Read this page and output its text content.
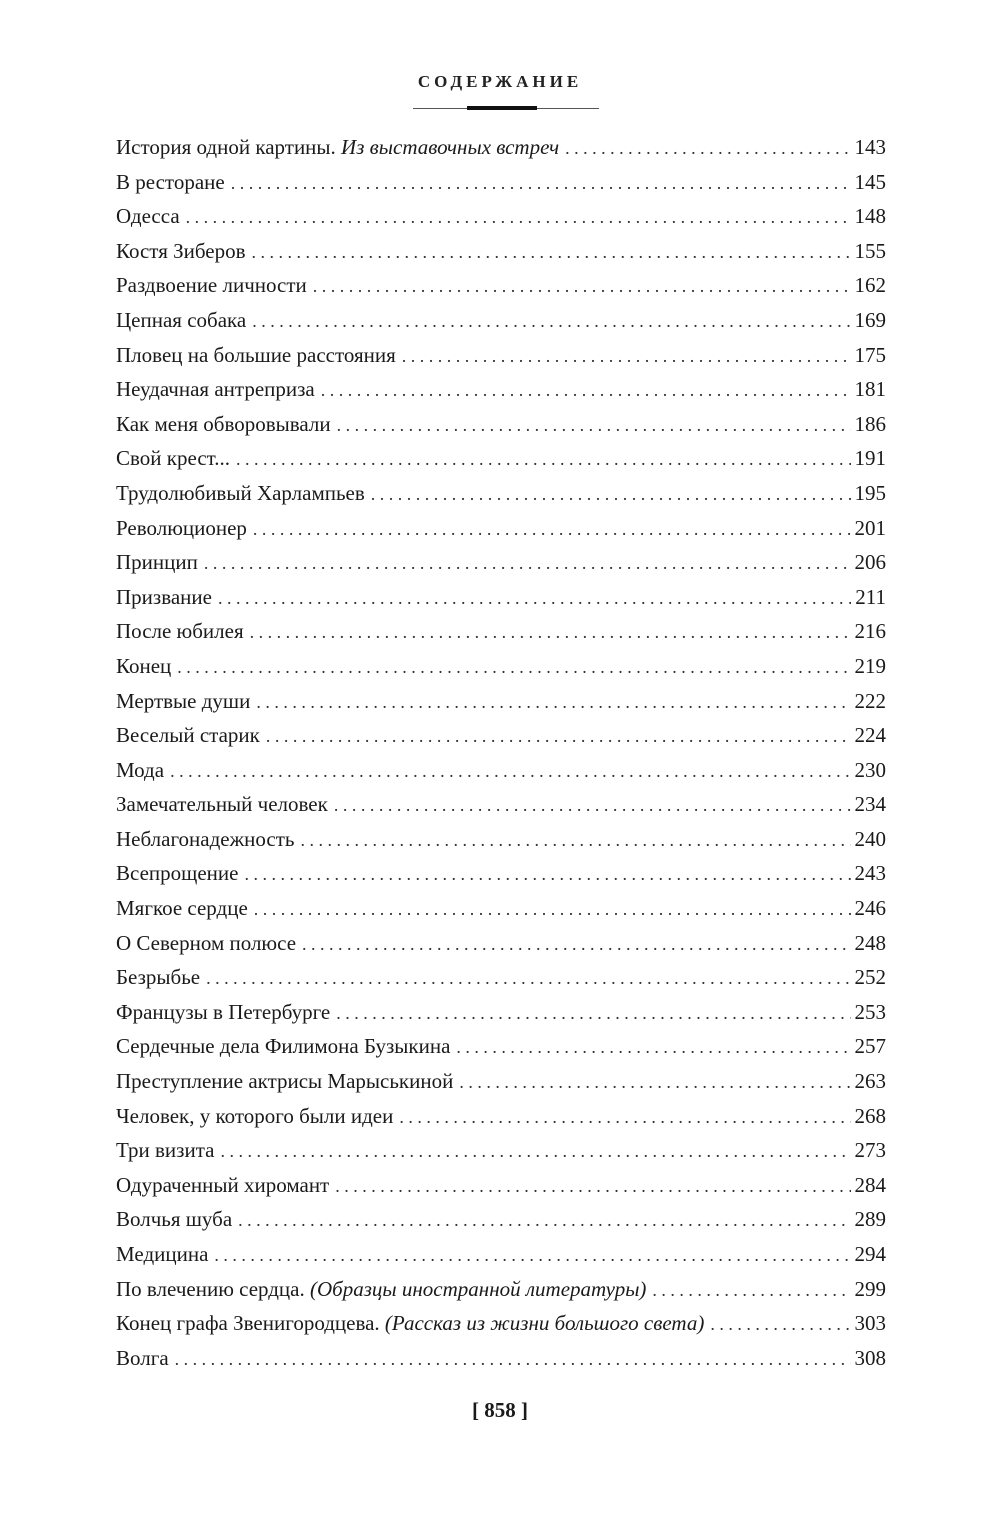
СОДЕРЖАНИЕ
История одной картины. Из выставочных встреч . . .	143
В ресторане . . .	145
Одесса . . .	148
Костя Зиберов . . .	155
Раздвоение личности . . .	162
Цепная собака . . .	169
Пловец на большие расстояния . . .	175
Неудачная антреприза . . .	181
Как меня обворовывали . . .	186
Свой крест... . . .	191
Трудолюбивый Харлампьев . . .	195
Революционер . . .	201
Принцип . . .	206
Призвание . . .	211
После юбилея . . .	216
Конец . . .	219
Мертвые души . . .	222
Веселый старик . . .	224
Мода . . .	230
Замечательный человек . . .	234
Неблагонадежность . . .	240
Всепрощение . . .	243
Мягкое сердце . . .	246
О Северном полюсе . . .	248
Безрыбье . . .	252
Французы в Петербурге . . .	253
Сердечные дела Филимона Бузыкина . . .	257
Преступление актрисы Марыськиной . . .	263
Человек, у которого были идеи . . .	268
Три визита . . .	273
Одураченный хиромант . . .	284
Волчья шуба . . .	289
Медицина . . .	294
По влечению сердца. (Образцы иностранной литературы) . . .	299
Конец графа Звенигородцева. (Рассказ из жизни большого света) . . .	303
Волга . . .	308
[ 858 ]
